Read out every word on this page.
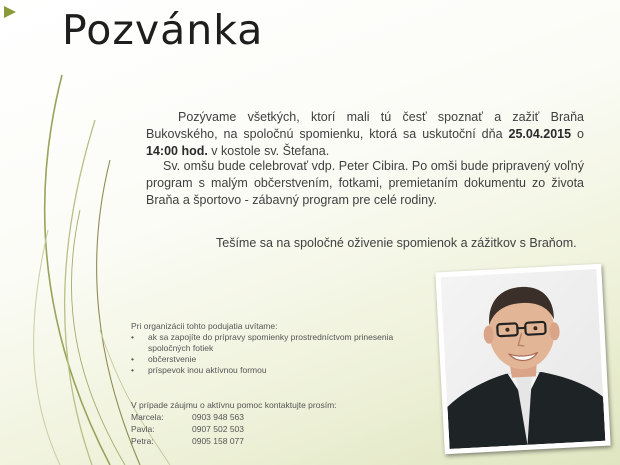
Pozvánka

Pozývame všetkých, ktorí mali tú česť spoznať a zažiť Braňa Bukovského, na spoločnú spomienku, ktorá sa uskutoční dňa 25.04.2015 o 14:00 hod. v kostole sv. Štefana.

Sv. omšu bude celebrovať vdp. Peter Cibira. Po omši bude pripravený voľný program s malým občerstvením, fotkami, premietaním dokumentu zo života Braňa a športovo - zábavný program pre celé rodiny.

Tešíme sa na spoločné oživenie spomienok a zážitkov s Braňom.
Pri organizácii tohto podujatia uvítame:
• ak sa zapojíte do prípravy spomienky prostredníctvom prinesenia spoločných fotiek
• občerstvenie
• príspevok inou aktívnou formou
V prípade záujmu o aktívnu pomoc kontaktujte prosím:
Marcela:	0903 948 563
Pavla:	0907 502 503
Petra:	0905 158 077
